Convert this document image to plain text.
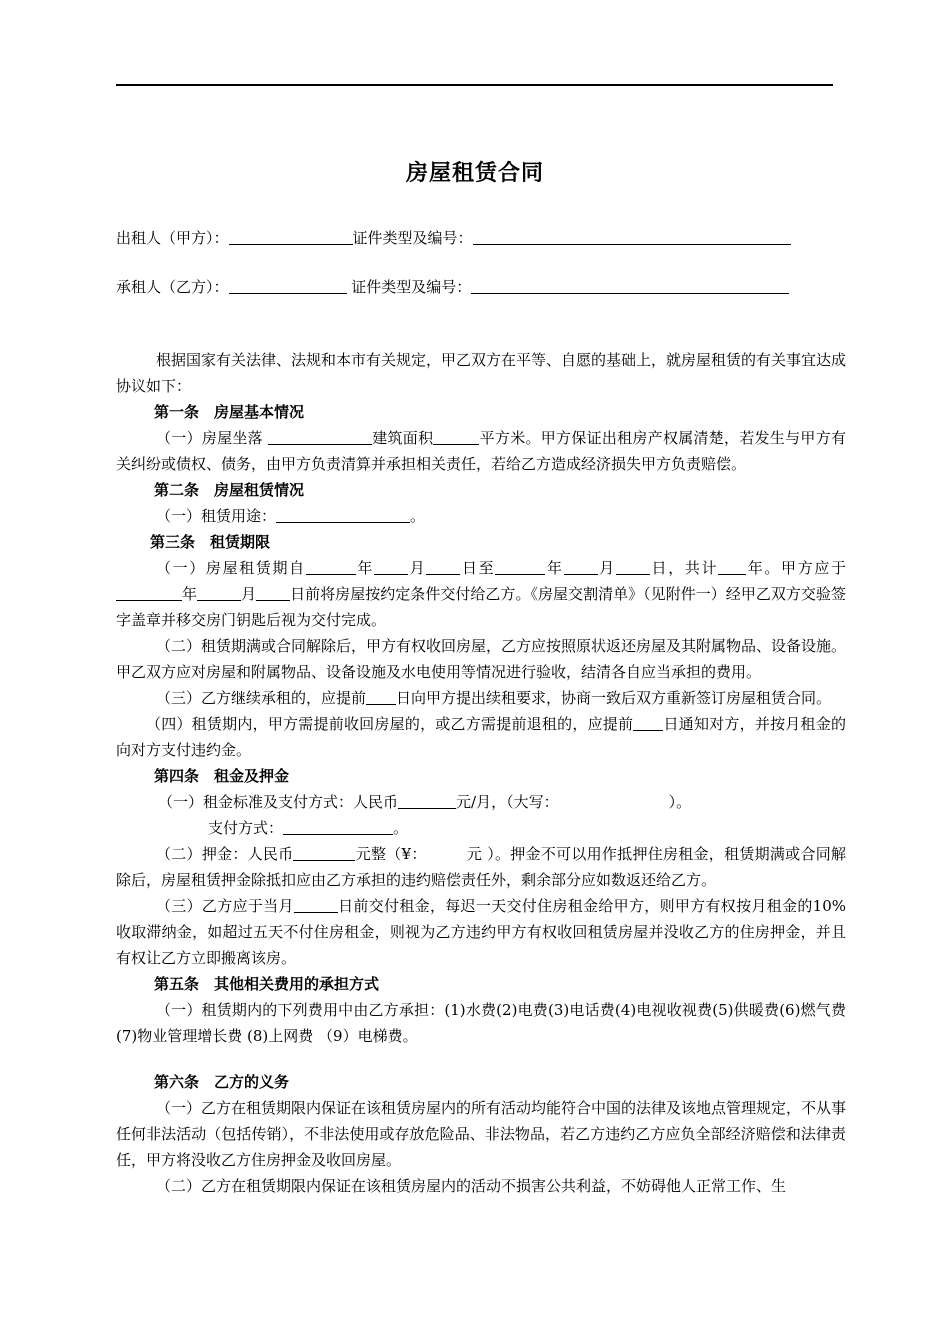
房屋租赁合同
出租人（甲方）：	证件类型及编号：
承租人（乙方）：	证件类型及编号：

根据国家有关法律、法规和本市有关规定，甲乙双方在平等、自愿的基础上，就房屋租赁的有关事宜达成协议如下：

第一条　房屋基本情况

（一）房屋坐落	建筑面积	平方米。甲方保证出租房产权属清楚，若发生与甲方有关纠纷或债权、债务，由甲方负责清算并承担相关责任，若给乙方造成经济损失甲方负责赔偿。

第二条　房屋租赁情况

（一）租赁用途：	。

第三条　租赁期限

（一）房屋租赁期自	年 月 日至	年 月 日，共计 年。甲方应于年	月 日前将房屋按约定条件交付给乙方。《房屋交割清单》（见附件一）经甲乙双方交验签字盖章并移交房门钥匙后视为交付完成。

（二）租赁期满或合同解除后，甲方有权收回房屋，乙方应按照原状返还房屋及其附属物品、设备设施。甲乙双方应对房屋和附属物品、设备设施及水电使用等情况进行验收，结清各自应当承担的费用。

（三）乙方继续承租的，应提前 日向甲方提出续租要求，协商一致后双方重新签订房屋租赁合同。

（四）租赁期内，甲方需提前收回房屋的，或乙方需提前退租的，应提前 日通知对方，并按月租金的向对方支付违约金。

第四条　租金及押金

（一）租金标准及支付方式：人民币	元/月，（大写：	）。

支付方式：	。

（二）押金：人民币	元整（¥：	元 ）。押金不可以用作抵押住房租金，租赁期满或合同解除后，房屋租赁押金除抵扣应由乙方承担的违约赔偿责任外，剩余部分应如数返还给乙方。

（三）乙方应于当月	日前交付租金，每迟一天交付住房租金给甲方，则甲方有权按月租金的10%收取滞纳金，如超过五天不付住房租金，则视为乙方违约甲方有权收回租赁房屋并没收乙方的住房押金，并且有权让乙方立即搬离该房。

第五条　其他相关费用的承担方式

（一）租赁期内的下列费用中由乙方承担：(1)水费(2)电费(3)电话费(4)电视收视费(5)供暖费(6)燃气费(7)物业管理增长费 (8)上网费 （9）电梯费。

第六条　乙方的义务

（一）乙方在租赁期限内保证在该租赁房屋内的所有活动均能符合中国的法律及该地点管理规定，不从事任何非法活动（包括传销），不非法使用或存放危险品、非法物品，若乙方违约乙方应负全部经济赔偿和法律责任，甲方将没收乙方住房押金及收回房屋。

（二）乙方在租赁期限内保证在该租赁房屋内的活动不损害公共利益，不妨碍他人正常工作、生
